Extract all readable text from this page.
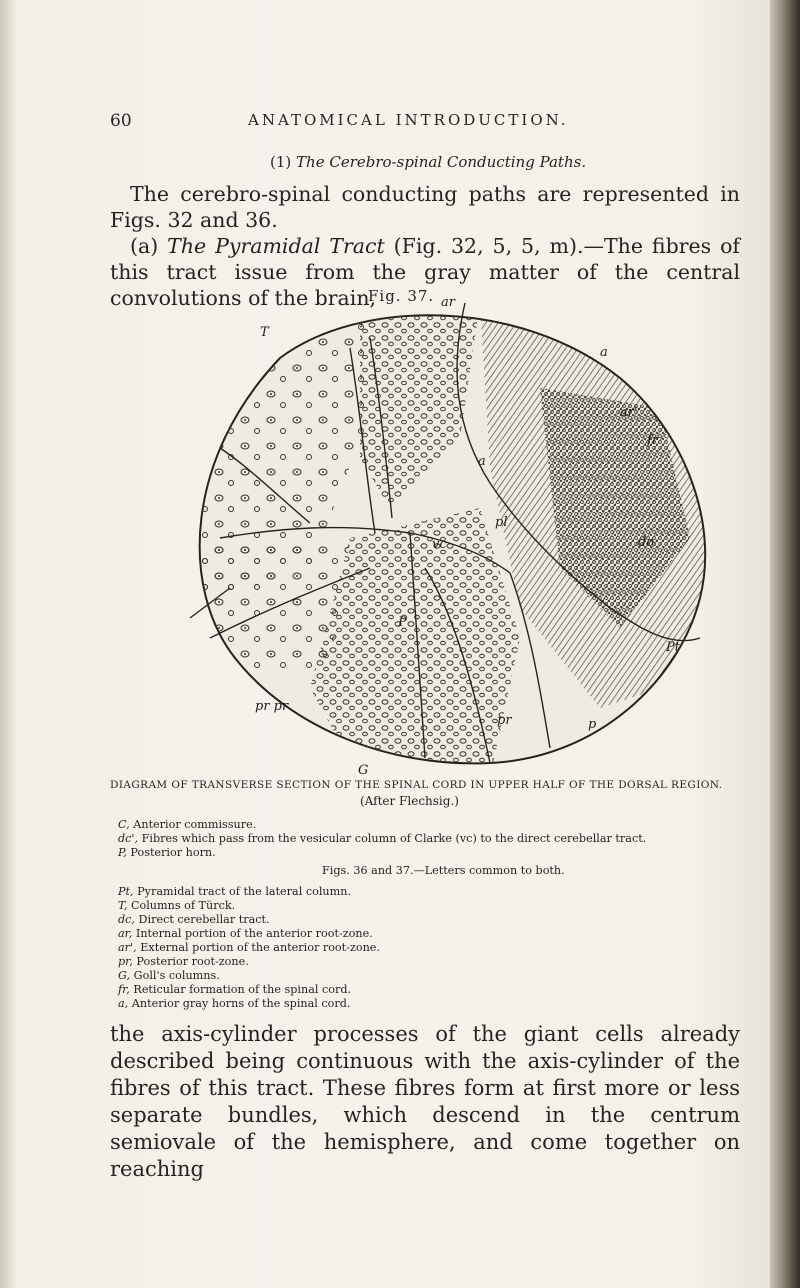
60	ANATOMICAL INTRODUCTION.
(1) The Cerebro-spinal Conducting Paths.
The cerebro-spinal conducting paths are represented in Figs. 32 and 36.
(a) The Pyramidal Tract (Fig. 32, 5, 5, m).—The fibres of this tract issue from the gray matter of the central convolutions of the brain,
Fig. 37. ar
T
a
ar'
fr
a
pl
do
vc
P
Pt
p
pr pr
pr
G
DIAGRAM OF TRANSVERSE SECTION OF THE SPINAL CORD IN UPPER HALF OF THE DORSAL REGION.
(After Flechsig.)
C, Anterior commissure.
dc', Fibres which pass from the vesicular column of Clarke (vc) to the direct cerebellar tract.
P, Posterior horn.
Figs. 36 and 37.—Letters common to both.
Pt, Pyramidal tract of the lateral column.
T, Columns of Türck.
dc, Direct cerebellar tract.
ar, Internal portion of the anterior root-zone.
ar', External portion of the anterior root-zone.
pr, Posterior root-zone.
G, Goll's columns.
fr, Reticular formation of the spinal cord.
a, Anterior gray horns of the spinal cord.
the axis-cylinder processes of the giant cells already described being continuous with the axis-cylinder of the fibres of this tract. These fibres form at first more or less separate bundles, which descend in the centrum semiovale of the hemisphere, and come together on reaching
